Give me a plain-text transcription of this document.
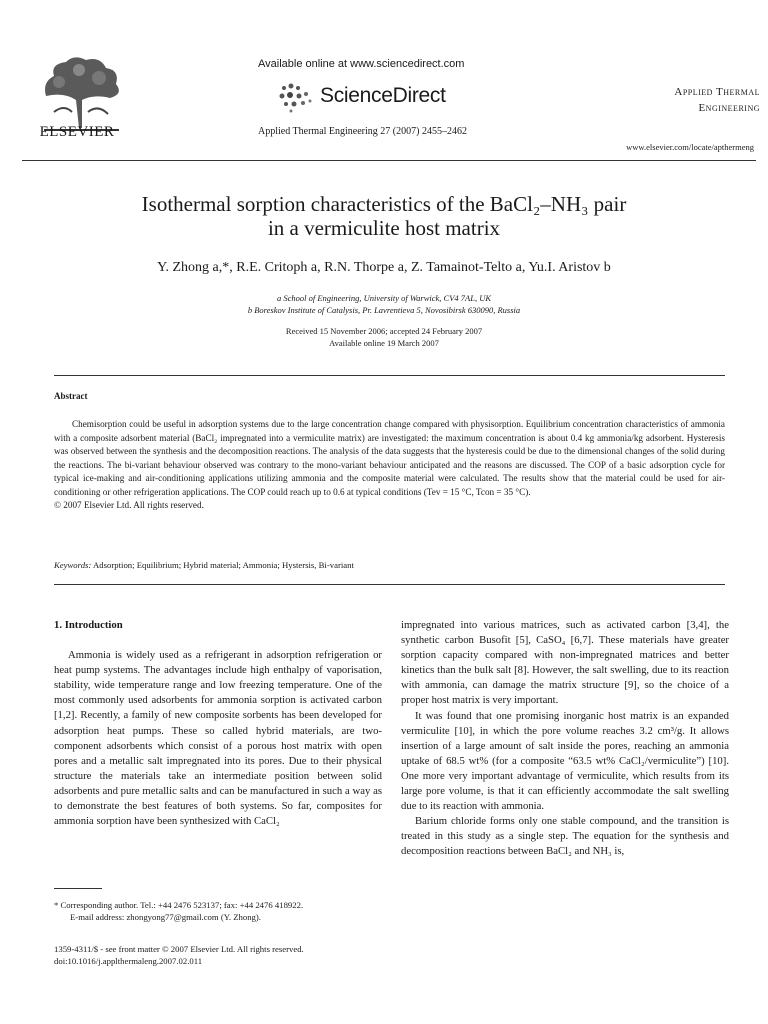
ELSEVIER
Available online at www.sciencedirect.com
ScienceDirect
Applied Thermal Engineering 27 (2007) 2455–2462
Applied Thermal
Engineering
www.elsevier.com/locate/apthermeng
Isothermal sorption characteristics of the BaCl₂–NH₃ pair
in a vermiculite host matrix
Y. Zhong a,*, R.E. Critoph a, R.N. Thorpe a, Z. Tamainot-Telto a, Yu.I. Aristov b
a School of Engineering, University of Warwick, CV4 7AL, UK
b Boreskov Institute of Catalysis, Pr. Lavrentieva 5, Novosibirsk 630090, Russia
Received 15 November 2006; accepted 24 February 2007
Available online 19 March 2007
Abstract

Chemisorption could be useful in adsorption systems due to the large concentration change compared with physisorption. Equilibrium concentration characteristics of ammonia with a composite adsorbent material (BaCl₂ impregnated into a vermiculite matrix) are investigated: the maximum concentration is about 0.4 kg ammonia/kg adsorbent. Hysteresis was observed between the synthesis and the decomposition reactions. The analysis of the data suggests that the hysteresis could be due to the dimensional changes of the solid during the reactions. The bi-variant behaviour observed was contrary to the mono-variant behaviour anticipated and the reasons are discussed. The COP of a basic adsorption cycle for typical ice-making and air-conditioning applications utilizing ammonia and the composite material were calculated. The results show that the material could be used for air-conditioning or other refrigeration applications. The COP could reach up to 0.6 at typical conditions (Tev = 15 °C, Tcon = 35 °C).

© 2007 Elsevier Ltd. All rights reserved.

Keywords: Adsorption; Equilibrium; Hybrid material; Ammonia; Hystersis, Bi-variant
1. Introduction

Ammonia is widely used as a refrigerant in adsorption refrigeration or heat pump systems. The advantages include high enthalpy of vaporisation, stability, wide temperature range and low freezing temperature. One of the most commonly used adsorbents for ammonia sorption is activated carbon [1,2]. Recently, a family of new composite sorbents has been developed for adsorption heat pumps. These so called hybrid materials, are two-component adsorbents which consist of a porous host matrix with open pores and a metallic salt impregnated into its pores. Due to their physical structure the materials take an intermediate position between solid adsorbents and pure metallic salts and can be manufactured in such a way as to demonstrate the best features of both systems. So far, composites for ammonia sorption have been synthesized with CaCl₂

impregnated into various matrices, such as activated carbon [3,4], the synthetic carbon Busofit [5], CaSO₄ [6,7]. These materials have greater sorption capacity compared with non-impregnated matrices and better kinetics than the bulk salt [8]. However, the salt swelling, due to its reaction with ammonia, can damage the matrix structure [9], so the choice of a proper host matrix is very important.

It was found that one promising inorganic host matrix is an expanded vermiculite [10], in which the pore volume reaches 3.2 cm³/g. It allows insertion of a large amount of salt inside the pores, reaching an ammonia uptake of 68.5 wt% (for a composite “63.5 wt% CaCl₂/vermiculite”) [10]. One more very important advantage of vermiculite, which results from its large pore volume, is that it can efficiently accommodate the salt swelling due to its reaction with ammonia.

Barium chloride forms only one stable compound, and the transition is treated in this study as a single step. The equation for the synthesis and decomposition reactions between BaCl₂ and NH₃ is,

* Corresponding author. Tel.: +44 2476 523137; fax: +44 2476 418922.
E-mail address: zhongyong77@gmail.com (Y. Zhong).
1359-4311/$ - see front matter © 2007 Elsevier Ltd. All rights reserved.
doi:10.1016/j.applthermaleng.2007.02.011
